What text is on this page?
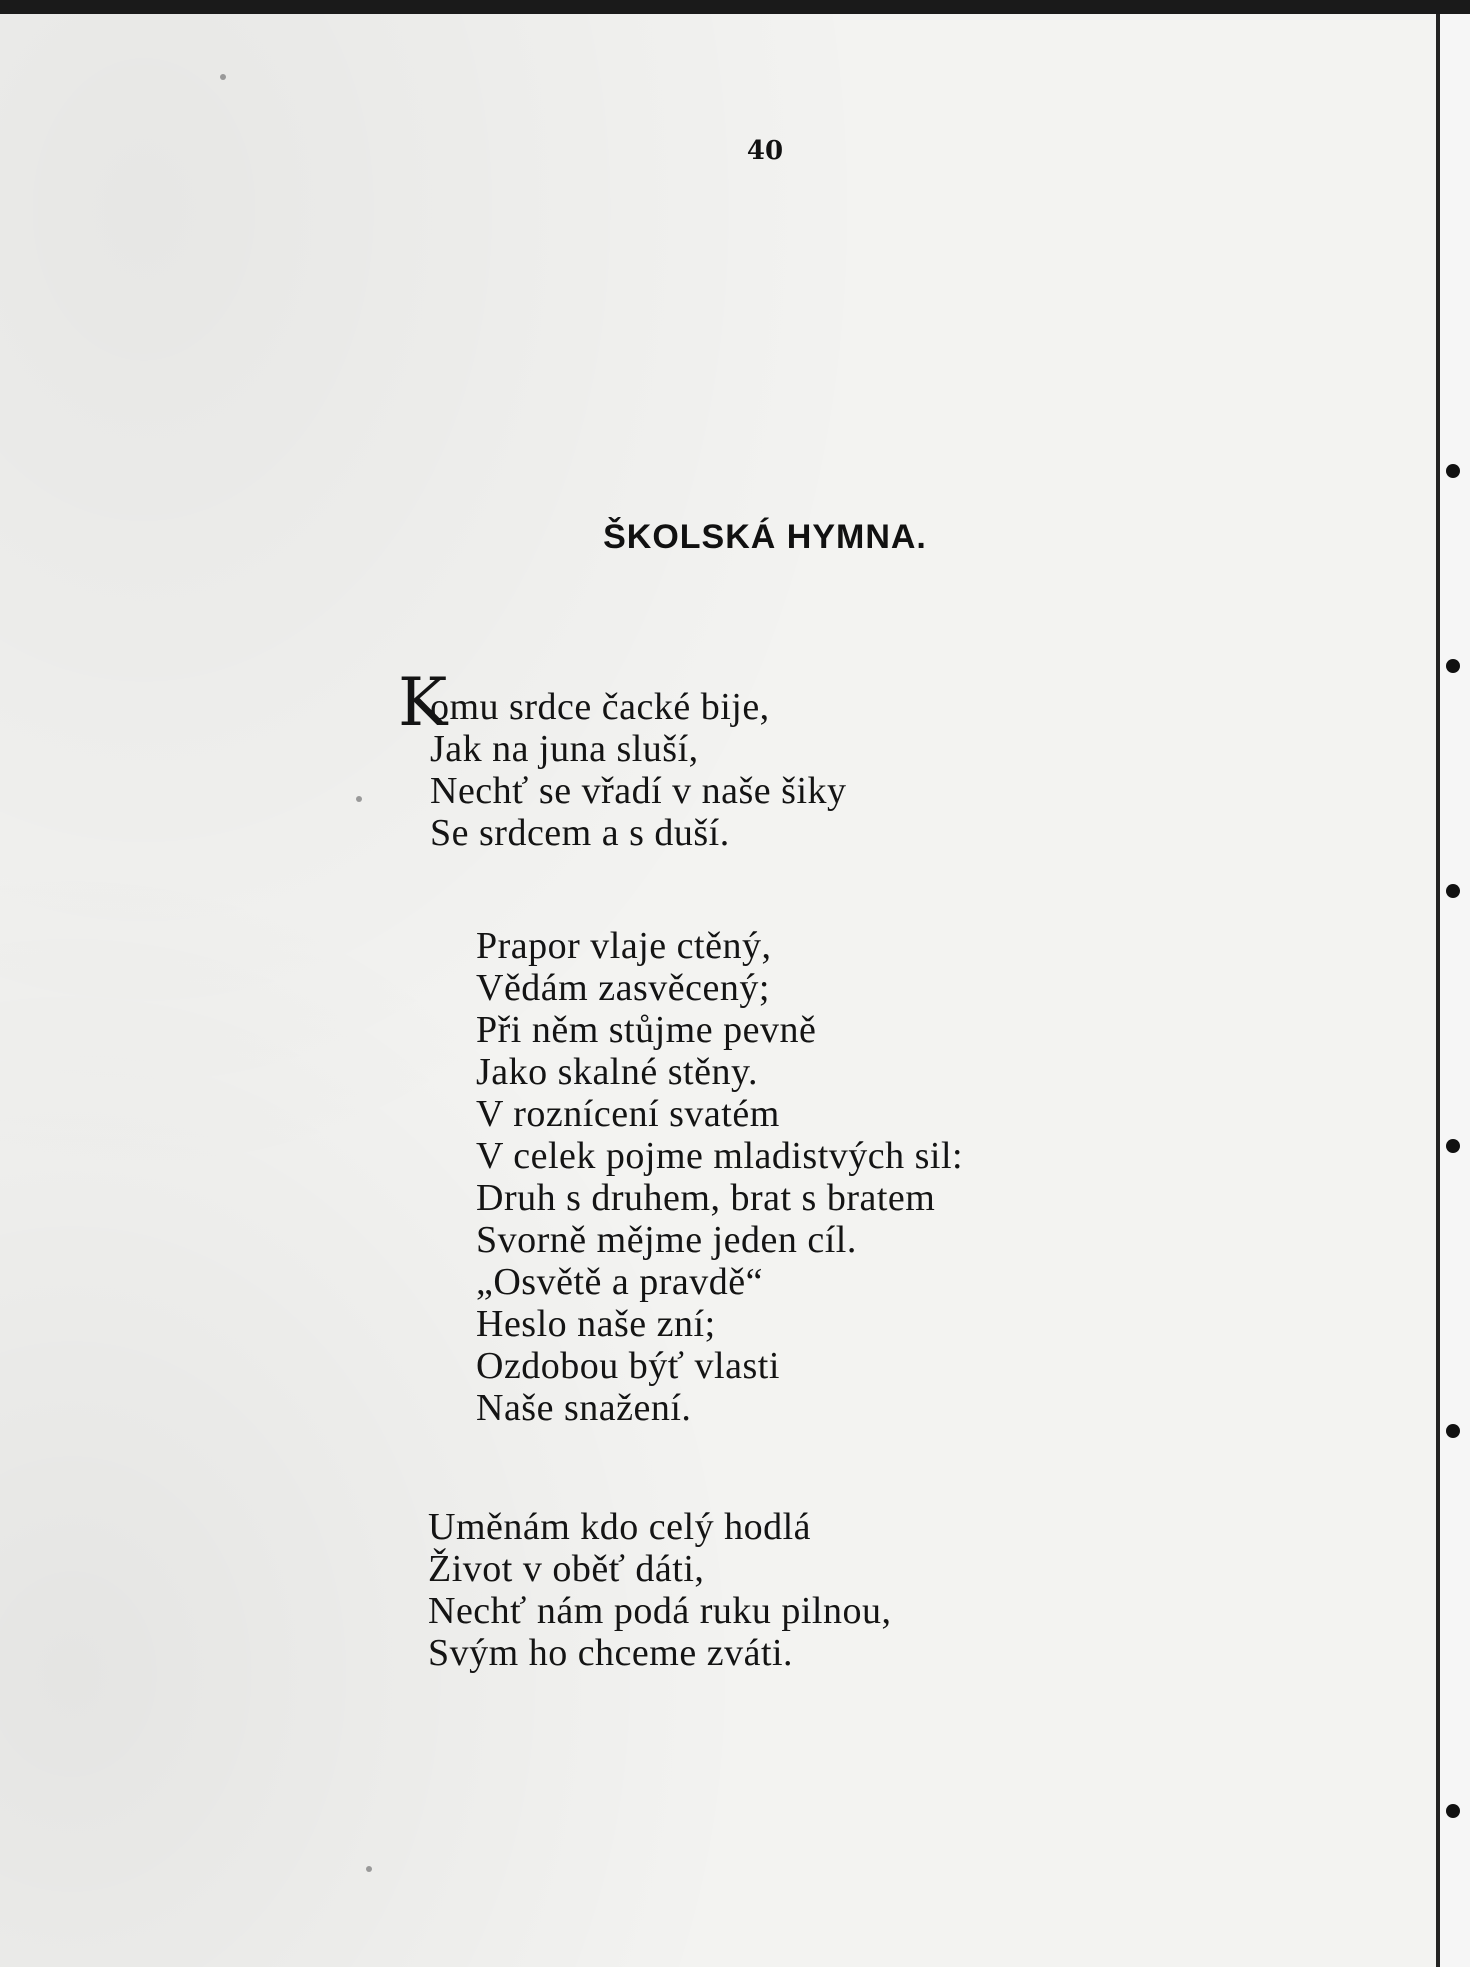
40
ŠKOLSKÁ HYMNA.
K
omu srdce čacké bije,
Jak na juna sluší,
Nechť se vřadí v naše šiky
Se srdcem a s duší.
Prapor vlaje ctěný,
Vědám zasvěcený;
Při něm stůjme pevně
Jako skalné stěny.
V roznícení svatém
V celek pojme mladistvých sil:
Druh s druhem, brat s bratem
Svorně mějme jeden cíl.
„Osvětě a pravdě“
Heslo naše zní;
Ozdobou býť vlasti
Naše snažení.
Uměnám kdo celý hodlá
Život v oběť dáti,
Nechť nám podá ruku pilnou,
Svým ho chceme zváti.
